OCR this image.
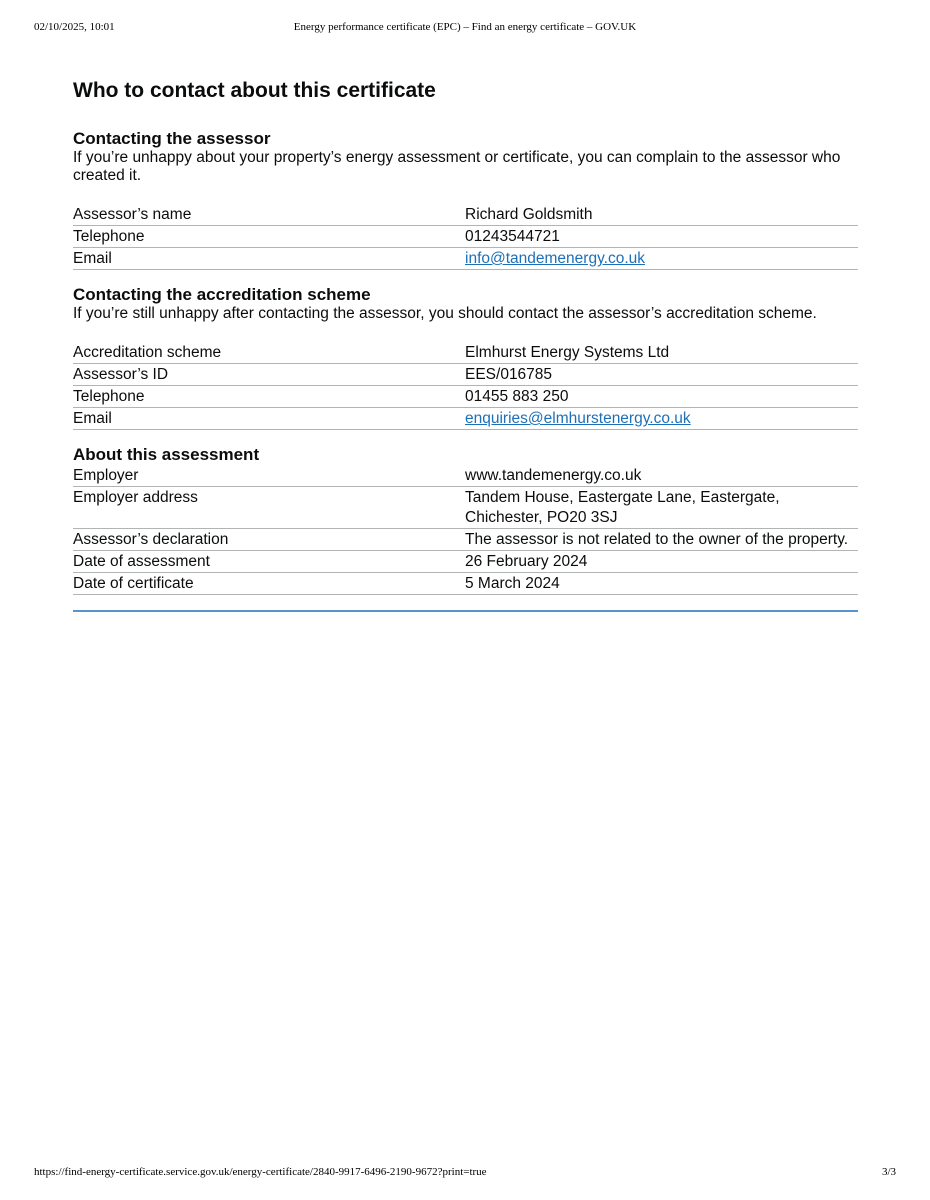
02/10/2025, 10:01	Energy performance certificate (EPC) – Find an energy certificate – GOV.UK
Who to contact about this certificate
Contacting the assessor

If you’re unhappy about your property’s energy assessment or certificate, you can complain to the assessor who created it.

Assessor’s name	Richard Goldsmith
Telephone	01243544721
Email	info@tandemenergy.co.uk
Contacting the accreditation scheme

If you’re still unhappy after contacting the assessor, you should contact the assessor’s accreditation scheme.

Accreditation scheme	Elmhurst Energy Systems Ltd
Assessor’s ID	EES/016785
Telephone	01455 883 250
Email	enquiries@elmhurstenergy.co.uk
About this assessment
Employer	www.tandemenergy.co.uk
Employer address	Tandem House, Eastergate Lane, Eastergate,
Chichester, PO20 3SJ
Assessor’s declaration	The assessor is not related to the owner of the property.
Date of assessment	26 February 2024
Date of certificate	5 March 2024
https://find-energy-certificate.service.gov.uk/energy-certificate/2840-9917-6496-2190-9672?print=true	3/3
